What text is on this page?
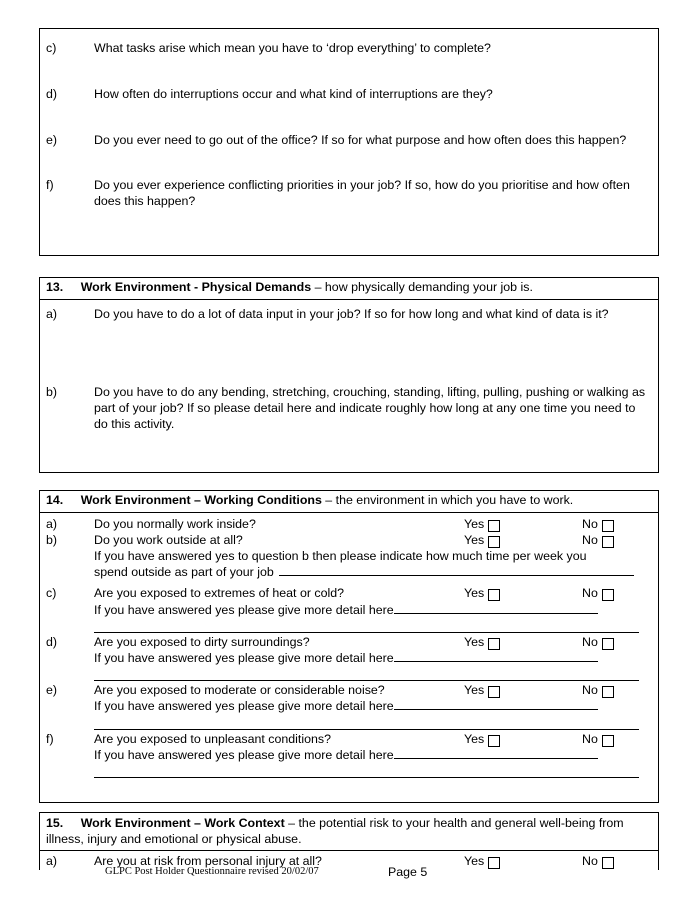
c)	What tasks arise which mean you have to ‘drop everything’ to complete?
d)	How often do interruptions occur and what kind of interruptions are they?
e)	Do you ever need to go out of the office? If so for what purpose and how often does this happen?
f)	Do you ever experience conflicting priorities in your job? If so, how do you prioritise and how often does this happen?
13. Work Environment - Physical Demands – how physically demanding your job is.
a)	Do you have to do a lot of data input in your job? If so for how long and what kind of data is it?
b)	Do you have to do any bending, stretching, crouching, standing, lifting, pulling, pushing or walking as part of your job? If so please detail here and indicate roughly how long at any one time you need to do this activity.
14. Work Environment – Working Conditions – the environment in which you have to work.
a)	Do you normally work inside?	Yes	No
b)	Do you work outside at all?	Yes	No
If you have answered yes to question b then please indicate how much time per week you
spend outside as part of your job
c)	Are you exposed to extremes of heat or cold?	Yes	No
If you have answered yes please give more detail here
d)	Are you exposed to dirty surroundings?	Yes	No
If you have answered yes please give more detail here
e)	Are you exposed to moderate or considerable noise?	Yes	No
If you have answered yes please give more detail here
f)	Are you exposed to unpleasant conditions?	Yes	No
If you have answered yes please give more detail here
15. Work Environment – Work Context – the potential risk to your health and general well-being from illness, injury and emotional or physical abuse.
a)	Are you at risk from personal injury at all?	Yes	No
GLPC Post Holder Questionnaire revised 20/02/07	Page 5
